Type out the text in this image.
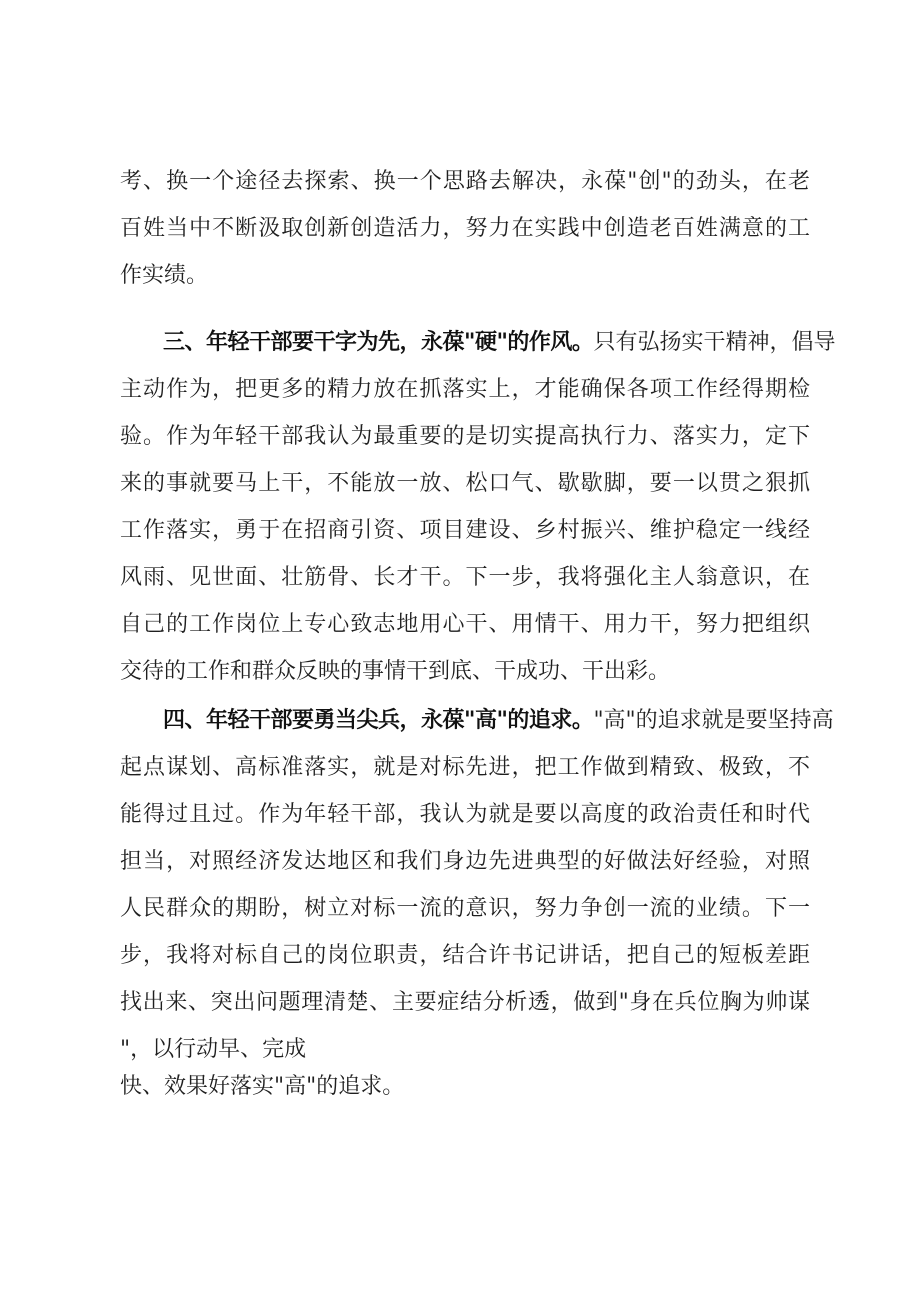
考、换一个途径去探索、换一个思路去解决，永葆"创"的劲头，在老
百姓当中不断汲取创新创造活力，努力在实践中创造老百姓满意的工
作实绩。
三、年轻干部要干字为先，永葆"硬"的作风。只有弘扬实干精神，倡导
主动作为，把更多的精力放在抓落实上，才能确保各项工作经得期检
验。作为年轻干部我认为最重要的是切实提高执行力、落实力，定下
来的事就要马上干，不能放一放、松口气、歇歇脚，要一以贯之狠抓
工作落实，勇于在招商引资、项目建设、乡村振兴、维护稳定一线经
风雨、见世面、壮筋骨、长才干。下一步，我将强化主人翁意识，在
自己的工作岗位上专心致志地用心干、用情干、用力干，努力把组织
交待的工作和群众反映的事情干到底、干成功、干出彩。
四、年轻干部要勇当尖兵，永葆"高"的追求。"高"的追求就是要坚持高
起点谋划、高标准落实，就是对标先进，把工作做到精致、极致，不
能得过且过。作为年轻干部，我认为就是要以高度的政治责任和时代
担当，对照经济发达地区和我们身边先进典型的好做法好经验，对照
人民群众的期盼，树立对标一流的意识，努力争创一流的业绩。下一
步，我将对标自己的岗位职责，结合许书记讲话，把自己的短板差距
找出来、突出问题理清楚、主要症结分析透，做到"身在兵位胸为帅谋
"，以行动早、完成
快、效果好落实"高"的追求。
